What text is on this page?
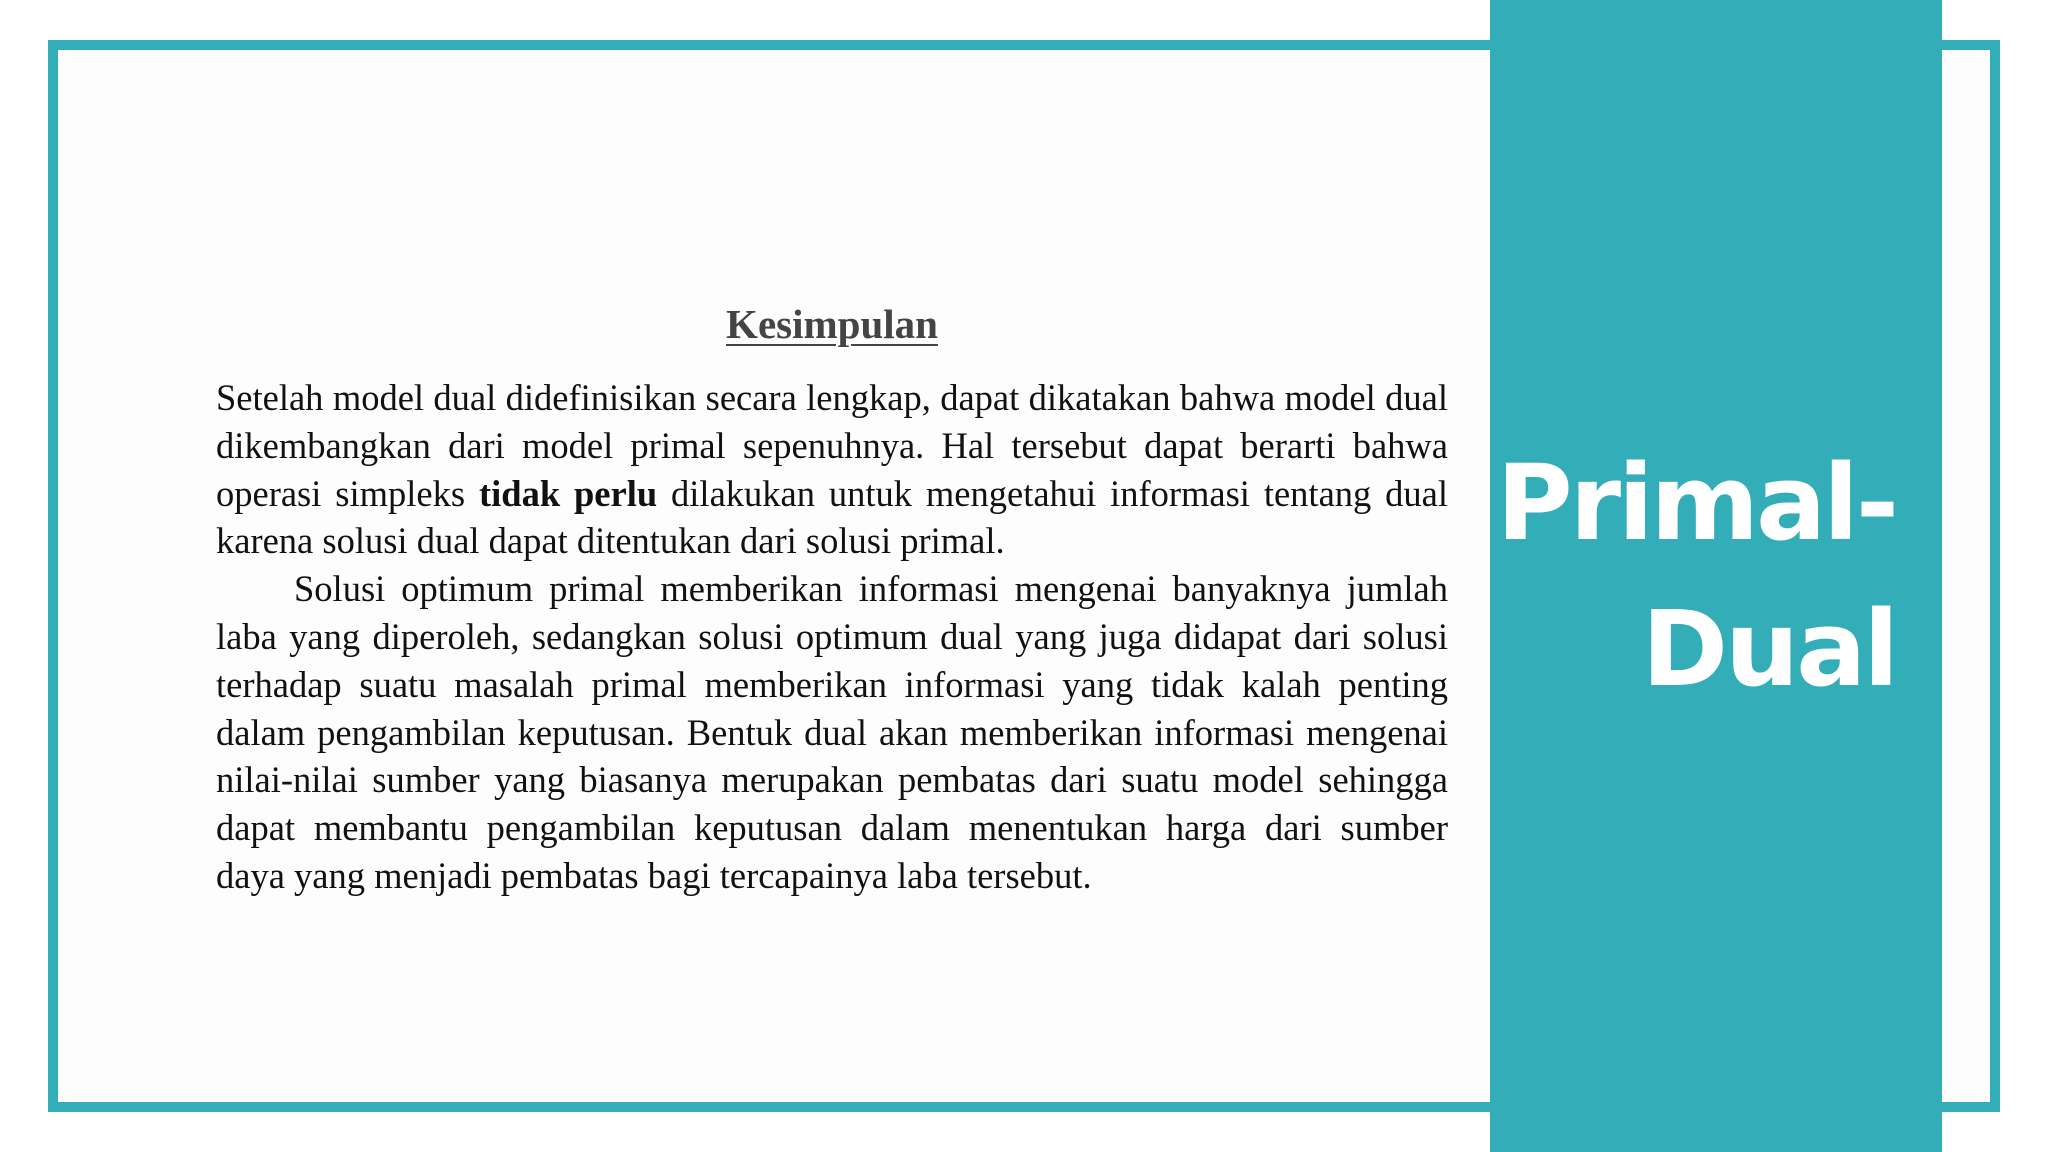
Kesimpulan

Setelah model dual didefinisikan secara lengkap, dapat dikatakan bahwa model dual dikembangkan dari model primal sepenuhnya. Hal tersebut dapat berarti bahwa operasi simpleks tidak perlu dilakukan untuk mengetahui informasi tentang dual karena solusi dual dapat ditentukan dari solusi primal.

Solusi optimum primal memberikan informasi mengenai banyaknya jumlah laba yang diperoleh, sedangkan solusi optimum dual yang juga didapat dari solusi terhadap suatu masalah primal memberikan informasi yang tidak kalah penting dalam pengambilan keputusan. Bentuk dual akan memberikan informasi mengenai nilai-nilai sumber yang biasanya merupakan pembatas dari suatu model sehingga dapat membantu pengambilan keputusan dalam menentukan harga dari sumber daya yang menjadi pembatas bagi tercapainya laba tersebut.

Primal-
Dual
